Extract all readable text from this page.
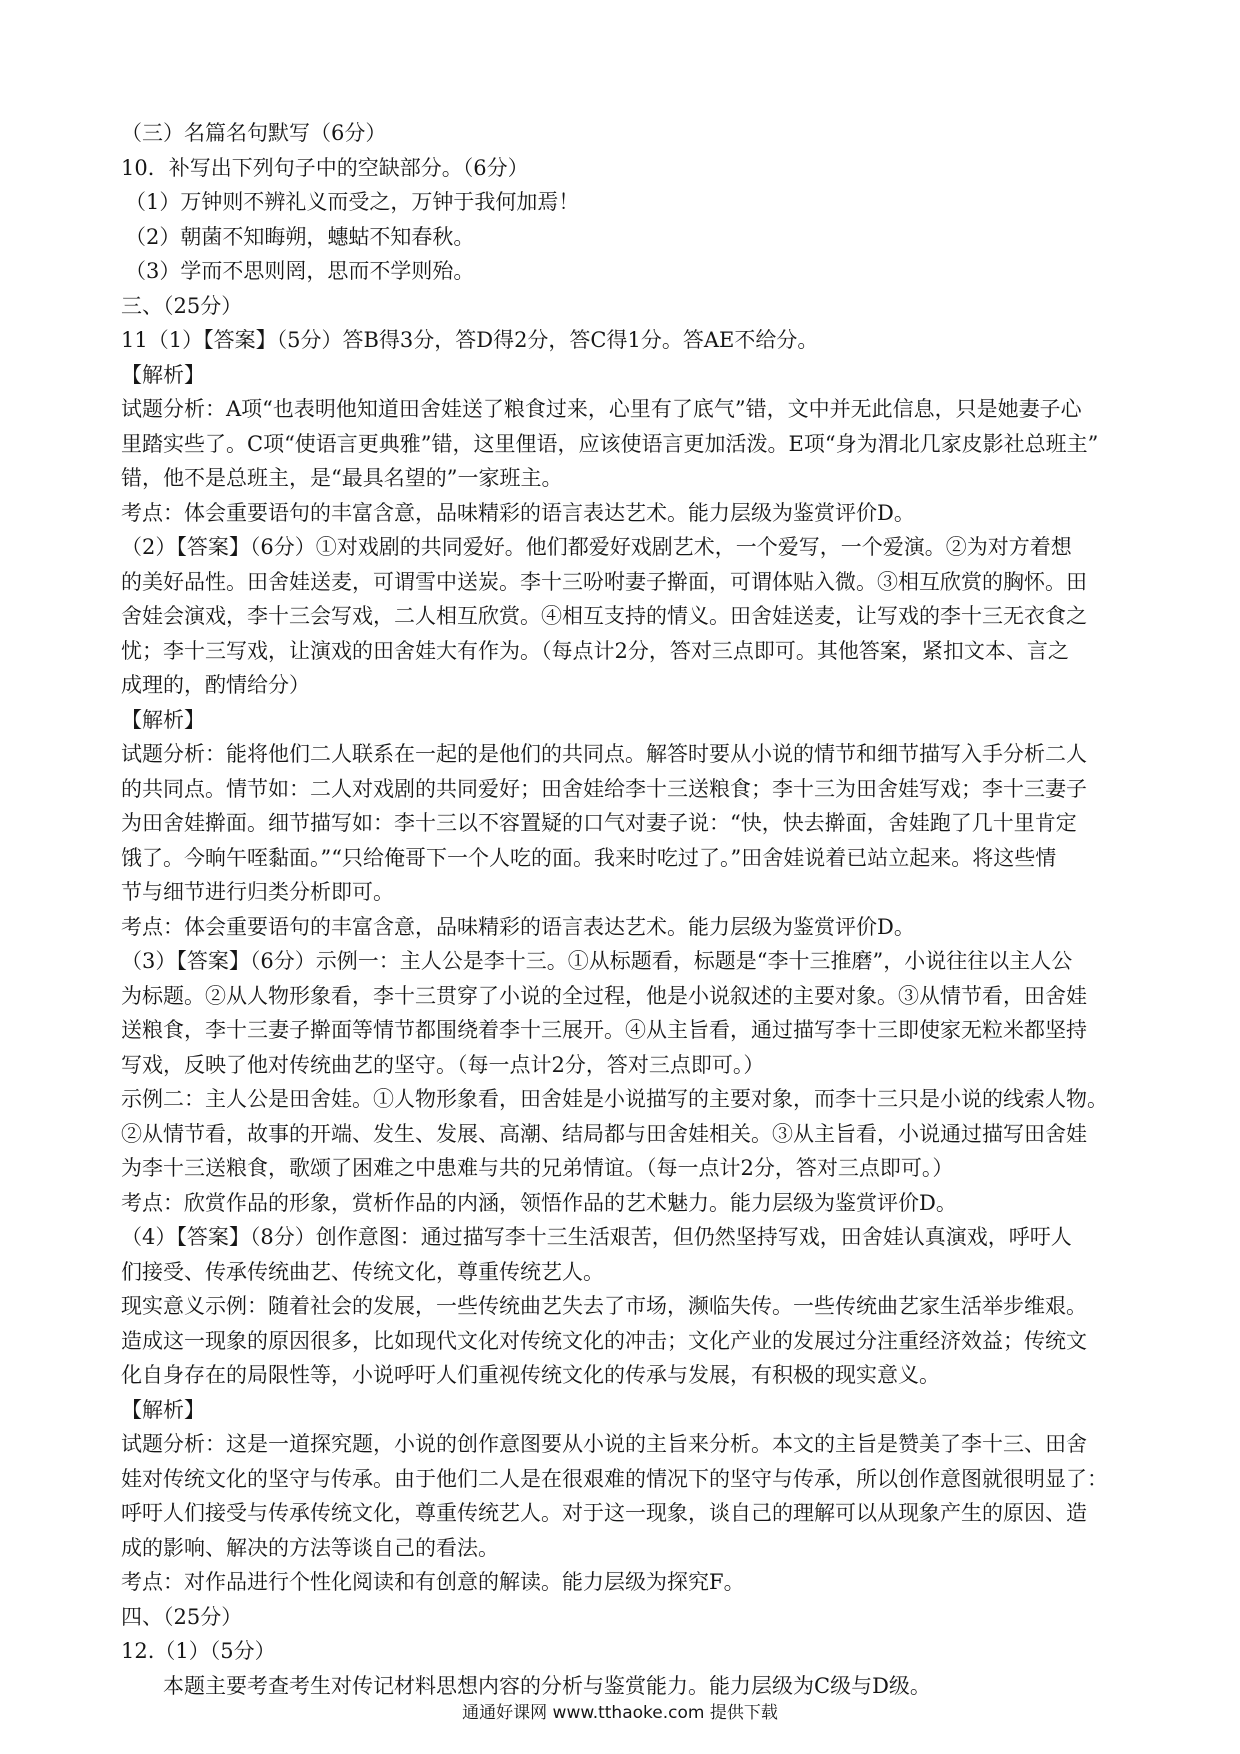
（三）名篇名句默写（6分）
10．补写出下列句子中的空缺部分。（6分）
（1）万钟则不辨礼义而受之，万钟于我何加焉！
（2）朝菌不知晦朔，蟪蛄不知春秋。
（3）学而不思则罔，思而不学则殆。
三、（25分）
11（1）【答案】（5分）答B得3分，答D得2分，答C得1分。答AE不给分。
【解析】
试题分析：A项“也表明他知道田舍娃送了粮食过来，心里有了底气”错，文中并无此信息，只是她妻子心
里踏实些了。C项“使语言更典雅”错，这里俚语，应该使语言更加活泼。E项“身为渭北几家皮影社总班主”
错，他不是总班主，是“最具名望的”一家班主。
考点：体会重要语句的丰富含意，品味精彩的语言表达艺术。能力层级为鉴赏评价D。
（2）【答案】（6分）①对戏剧的共同爱好。他们都爱好戏剧艺术，一个爱写，一个爱演。②为对方着想
的美好品性。田舍娃送麦，可谓雪中送炭。李十三吩咐妻子擀面，可谓体贴入微。③相互欣赏的胸怀。田
舍娃会演戏，李十三会写戏，二人相互欣赏。④相互支持的情义。田舍娃送麦，让写戏的李十三无衣食之
忧；李十三写戏，让演戏的田舍娃大有作为。（每点计2分，答对三点即可。其他答案，紧扣文本、言之
成理的，酌情给分）
【解析】
试题分析：能将他们二人联系在一起的是他们的共同点。解答时要从小说的情节和细节描写入手分析二人
的共同点。情节如：二人对戏剧的共同爱好；田舍娃给李十三送粮食；李十三为田舍娃写戏；李十三妻子
为田舍娃擀面。细节描写如：李十三以不容置疑的口气对妻子说：“快，快去擀面，舍娃跑了几十里肯定
饿了。今晌午咥黏面。”“只给俺哥下一个人吃的面。我来时吃过了。”田舍娃说着已站立起来。将这些情
节与细节进行归类分析即可。
考点：体会重要语句的丰富含意，品味精彩的语言表达艺术。能力层级为鉴赏评价D。
（3）【答案】（6分）示例一：主人公是李十三。①从标题看，标题是“李十三推磨”，小说往往以主人公
为标题。②从人物形象看，李十三贯穿了小说的全过程，他是小说叙述的主要对象。③从情节看，田舍娃
送粮食，李十三妻子擀面等情节都围绕着李十三展开。④从主旨看，通过描写李十三即使家无粒米都坚持
写戏，反映了他对传统曲艺的坚守。（每一点计2分，答对三点即可。）
示例二：主人公是田舍娃。①人物形象看，田舍娃是小说描写的主要对象，而李十三只是小说的线索人物。
②从情节看，故事的开端、发生、发展、高潮、结局都与田舍娃相关。③从主旨看，小说通过描写田舍娃
为李十三送粮食，歌颂了困难之中患难与共的兄弟情谊。（每一点计2分，答对三点即可。）
考点：欣赏作品的形象，赏析作品的内涵，领悟作品的艺术魅力。能力层级为鉴赏评价D。
（4）【答案】（8分）创作意图：通过描写李十三生活艰苦，但仍然坚持写戏，田舍娃认真演戏，呼吁人
们接受、传承传统曲艺、传统文化，尊重传统艺人。
现实意义示例：随着社会的发展，一些传统曲艺失去了市场，濒临失传。一些传统曲艺家生活举步维艰。
造成这一现象的原因很多，比如现代文化对传统文化的冲击；文化产业的发展过分注重经济效益；传统文
化自身存在的局限性等，小说呼吁人们重视传统文化的传承与发展，有积极的现实意义。
【解析】
试题分析：这是一道探究题，小说的创作意图要从小说的主旨来分析。本文的主旨是赞美了李十三、田舍
娃对传统文化的坚守与传承。由于他们二人是在很艰难的情况下的坚守与传承，所以创作意图就很明显了：
呼吁人们接受与传承传统文化，尊重传统艺人。对于这一现象，谈自己的理解可以从现象产生的原因、造
成的影响、解决的方法等谈自己的看法。
考点：对作品进行个性化阅读和有创意的解读。能力层级为探究F。
四、（25分）
12.（1）（5分）
本题主要考查考生对传记材料思想内容的分析与鉴赏能力。能力层级为C级与D级。
通通好课网 www.tthaoke.com 提供下载
